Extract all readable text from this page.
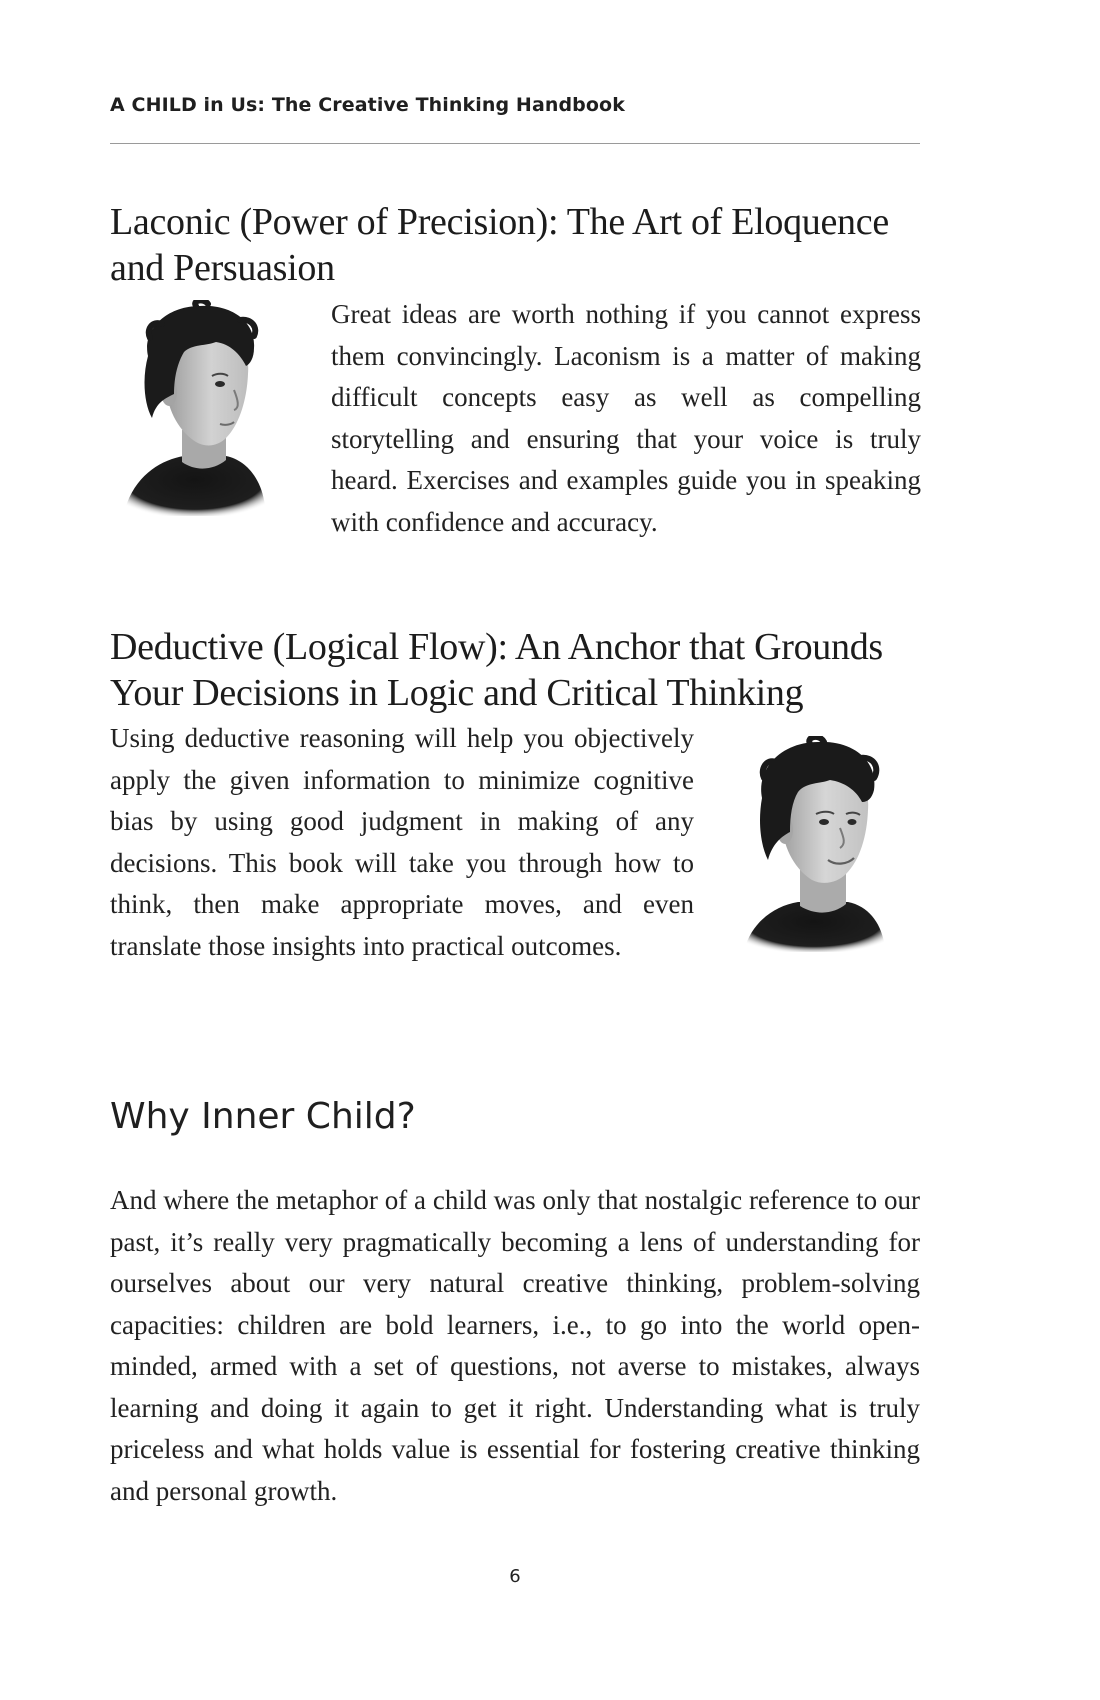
A CHILD in Us: The Creative Thinking Handbook
Laconic (Power of Precision): The Art of Eloquence and Persuasion

Great ideas are worth nothing if you cannot express them convincingly. Laconism is a matter of making difficult concepts easy as well as compelling storytelling and ensuring that your voice is truly heard. Exercises and examples guide you in speaking with confidence and accuracy.

Deductive (Logical Flow): An Anchor that Grounds Your Decisions in Logic and Critical Thinking

Using deductive reasoning will help you objectively apply the given information to minimize cognitive bias by using good judgment in making of any decisions. This book will take you through how to think, then make appropriate moves, and even translate those insights into practical outcomes.

Why Inner Child?

And where the metaphor of a child was only that nostalgic reference to our past, it’s really very pragmatically becoming a lens of understanding for ourselves about our very natural creative thinking, problem-solving capacities: children are bold learners, i.e., to go into the world open-minded, armed with a set of questions, not averse to mistakes, always learning and doing it again to get it right. Understanding what is truly priceless and what holds value is essential for fostering creative thinking and personal growth.

6
